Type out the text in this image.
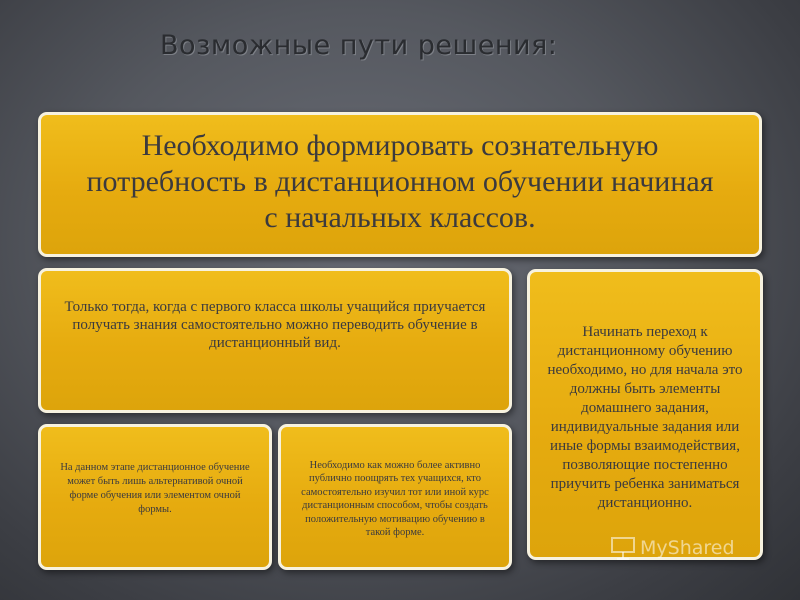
Возможные пути решения:
Необходимо формировать сознательную потребность в дистанционном обучении начиная с начальных классов.
Только тогда, когда с первого класса школы учащийся приучается получать знания самостоятельно можно переводить обучение в дистанционный вид.
На данном этапе дистанционное обучение может быть лишь альтернативой очной форме обучения или элементом очной формы.
Необходимо как можно более активно публично поощрять тех учащихся, кто самостоятельно изучил тот или иной курс дистанционным способом, чтобы создать положительную мотивацию обучению в такой форме.
Начинать переход к дистанционному обучению необходимо, но для начала это должны быть элементы домашнего задания, индивидуальные задания или иные формы взаимодействия, позволяющие постепенно приучить ребенка заниматься дистанционно.
MyShared
